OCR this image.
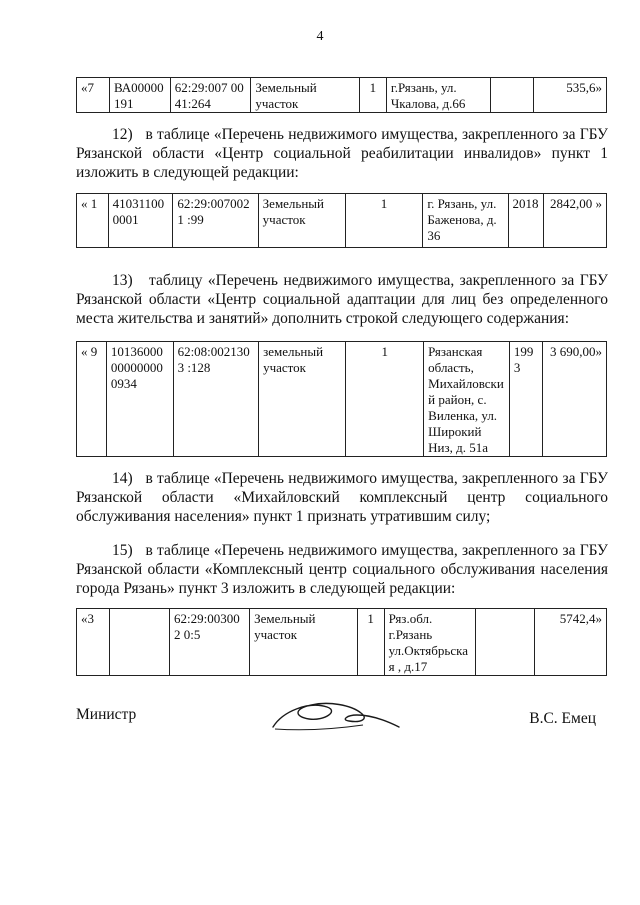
4
«7	ВА00000 191	62:29:007 00 41:264	Земельный участок	1	г.Рязань, ул. Чкалова, д.66		535,6»
12) в таблице «Перечень недвижимого имущества, закрепленного за ГБУ Рязанской области «Центр социальной реабилитации инвалидов» пункт 1 изложить в следующей редакции:
« 1	41031100 0001	62:29:0070021 :99	Земельный участок	1	г. Рязань, ул. Баженова, д. 36	2018	2842,00 »
13) таблицу «Перечень недвижимого имущества, закрепленного за ГБУ Рязанской области «Центр социальной адаптации для лиц без определенного места жительства и занятий» дополнить строкой следующего содержания:
« 9	10136000 00000000 0934	62:08:0021303 :128	земельный участок	1	Рязанская область, Михайловски й район, с. Виленка, ул. Широкий Низ, д. 51а	1993	3 690,00»
14) в таблице «Перечень недвижимого имущества, закрепленного за ГБУ Рязанской области «Михайловский комплексный центр социального обслуживания населения» пункт 1 признать утратившим силу;
15) в таблице «Перечень недвижимого имущества, закрепленного за ГБУ Рязанской области «Комплексный центр социального обслуживания населения города Рязань» пункт 3 изложить в следующей редакции:
«3		62:29:003002 0:5	Земельный участок	1	Ряз.обл. г.Рязань ул.Октябрьская , д.17		5742,4»
Министр	В.С. Емец
